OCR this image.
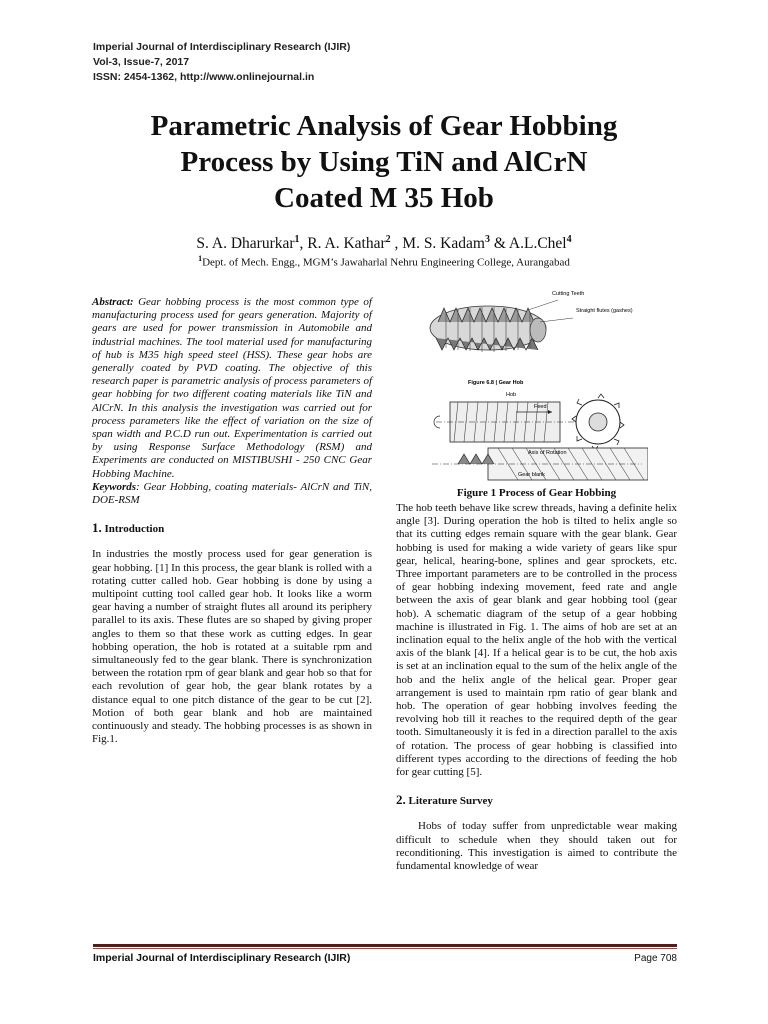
Imperial Journal of Interdisciplinary Research (IJIR)
Vol-3, Issue-7, 2017
ISSN: 2454-1362, http://www.onlinejournal.in
Parametric Analysis of Gear Hobbing
Process by Using TiN and AlCrN
Coated M 35 Hob
S. A. Dharurkar$^1$, R. A. Kathar$^2$ , M. S. Kadam$^3$ & A.L.Chel$^4$
$^1$Dept. of Mech. Engg., MGM’s Jawaharlal Nehru Engineering College, Aurangabad

Abstract: Gear hobbing process is the most common type of manufacturing process used for gears generation. Majority of gears are used for power transmission in Automobile and industrial machines. The tool material used for manufacturing of hub is M35 high speed steel (HSS). These gear hobs are generally coated by PVD coating. The objective of this research paper is parametric analysis of process parameters of gear hobbing for two different coating materials like TiN and AlCrN. In this analysis the investigation was carried out for process parameters like the effect of variation on the size of span width and P.C.D run out. Experimentation is carried out by using Response Surface Methodology (RSM) and Experiments are conducted on MISTIBUSHI - 250 CNC Gear Hobbing Machine.

Keywords: Gear Hobbing, coating materials- AlCrN and TiN, DOE-RSM

1. Introduction

In industries the mostly process used for gear generation is gear hobbing. [1] In this process, the gear blank is rolled with a rotating cutter called hob. Gear hobbing is done by using a multipoint cutting tool called gear hob. It looks like a worm gear having a number of straight flutes all around its periphery parallel to its axis. These flutes are so shaped by giving proper angles to them so that these work as cutting edges. In gear hobbing operation, the hob is rotated at a suitable rpm and simultaneously fed to the gear blank. There is synchronization between the rotation rpm of gear blank and gear hob so that for each revolution of gear hob, the gear blank rotates by a distance equal to one pitch distance of the gear to be cut [2]. Motion of both gear blank and hob are maintained continuously and steady. The hobbing processes is as shown in Fig.1.

Cutting Teeth
Straight flutes (gashes)
Figure 6.8 | Gear Hob
Hob
Feed
Axis of Rotation
Gear blank
Figure 1 Process of Gear Hobbing

The hob teeth behave like screw threads, having a definite helix angle [3]. During operation the hob is tilted to helix angle so that its cutting edges remain square with the gear blank. Gear hobbing is used for making a wide variety of gears like spur gear, helical, hearing-bone, splines and gear sprockets, etc. Three important parameters are to be controlled in the process of gear hobbing indexing movement, feed rate and angle between the axis of gear blank and gear hobbing tool (gear hob). A schematic diagram of the setup of a gear hobbing machine is illustrated in Fig. 1. The aims of hob are set at an inclination equal to the helix angle of the hob with the vertical axis of the blank [4]. If a helical gear is to be cut, the hob axis is set at an inclination equal to the sum of the helix angle of the hob and the helix angle of the helical gear. Proper gear arrangement is used to maintain rpm ratio of gear blank and hob. The operation of gear hobbing involves feeding the revolving hob till it reaches to the required depth of the gear tooth. Simultaneously it is fed in a direction parallel to the axis of rotation. The process of gear hobbing is classified into different types according to the directions of feeding the hob for gear cutting [5].

2. Literature Survey

Hobs of today suffer from unpredictable wear making difficult to schedule when they should taken out for reconditioning. This investigation is aimed to contribute the fundamental knowledge of wear

Imperial Journal of Interdisciplinary Research (IJIR)	Page 708
